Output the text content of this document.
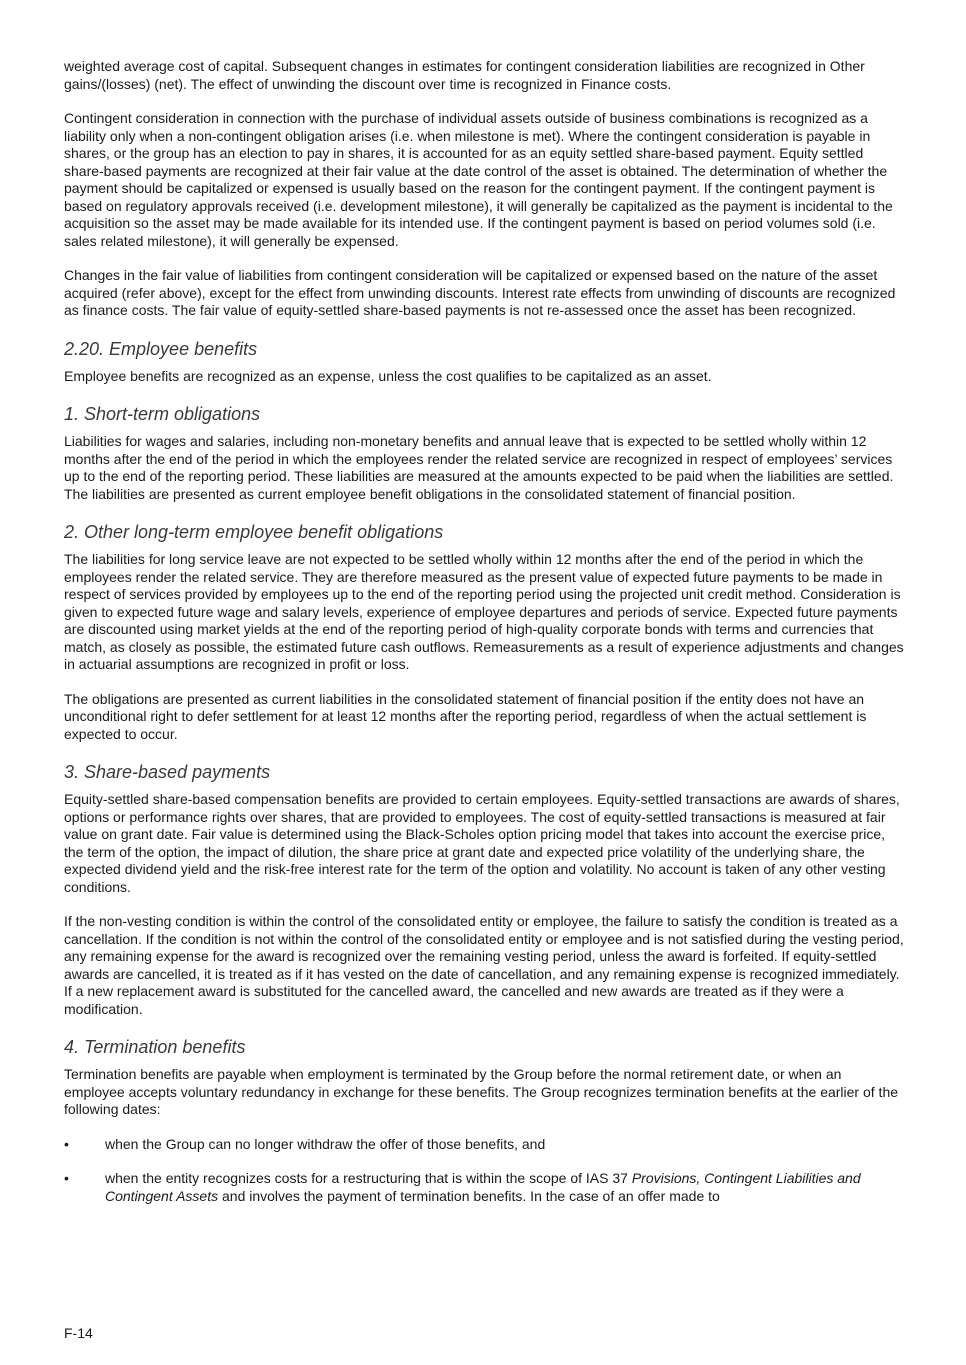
weighted average cost of capital. Subsequent changes in estimates for contingent consideration liabilities are recognized in Other gains/(losses) (net). The effect of unwinding the discount over time is recognized in Finance costs.

Contingent consideration in connection with the purchase of individual assets outside of business combinations is recognized as a liability only when a non-contingent obligation arises (i.e. when milestone is met). Where the contingent consideration is payable in shares, or the group has an election to pay in shares, it is accounted for as an equity settled share-based payment. Equity settled share-based payments are recognized at their fair value at the date control of the asset is obtained. The determination of whether the payment should be capitalized or expensed is usually based on the reason for the contingent payment. If the contingent payment is based on regulatory approvals received (i.e. development milestone), it will generally be capitalized as the payment is incidental to the acquisition so the asset may be made available for its intended use. If the contingent payment is based on period volumes sold (i.e. sales related milestone), it will generally be expensed.

Changes in the fair value of liabilities from contingent consideration will be capitalized or expensed based on the nature of the asset acquired (refer above), except for the effect from unwinding discounts. Interest rate effects from unwinding of discounts are recognized as finance costs. The fair value of equity-settled share-based payments is not re-assessed once the asset has been recognized.

2.20. Employee benefits

Employee benefits are recognized as an expense, unless the cost qualifies to be capitalized as an asset.

1. Short-term obligations

Liabilities for wages and salaries, including non-monetary benefits and annual leave that is expected to be settled wholly within 12 months after the end of the period in which the employees render the related service are recognized in respect of employees’ services up to the end of the reporting period. These liabilities are measured at the amounts expected to be paid when the liabilities are settled. The liabilities are presented as current employee benefit obligations in the consolidated statement of financial position.

2. Other long-term employee benefit obligations

The liabilities for long service leave are not expected to be settled wholly within 12 months after the end of the period in which the employees render the related service. They are therefore measured as the present value of expected future payments to be made in respect of services provided by employees up to the end of the reporting period using the projected unit credit method. Consideration is given to expected future wage and salary levels, experience of employee departures and periods of service. Expected future payments are discounted using market yields at the end of the reporting period of high-quality corporate bonds with terms and currencies that match, as closely as possible, the estimated future cash outflows. Remeasurements as a result of experience adjustments and changes in actuarial assumptions are recognized in profit or loss.

The obligations are presented as current liabilities in the consolidated statement of financial position if the entity does not have an unconditional right to defer settlement for at least 12 months after the reporting period, regardless of when the actual settlement is expected to occur.

3. Share-based payments

Equity-settled share-based compensation benefits are provided to certain employees. Equity-settled transactions are awards of shares, options or performance rights over shares, that are provided to employees. The cost of equity-settled transactions is measured at fair value on grant date. Fair value is determined using the Black-Scholes option pricing model that takes into account the exercise price, the term of the option, the impact of dilution, the share price at grant date and expected price volatility of the underlying share, the expected dividend yield and the risk-free interest rate for the term of the option and volatility. No account is taken of any other vesting conditions.

If the non-vesting condition is within the control of the consolidated entity or employee, the failure to satisfy the condition is treated as a cancellation. If the condition is not within the control of the consolidated entity or employee and is not satisfied during the vesting period, any remaining expense for the award is recognized over the remaining vesting period, unless the award is forfeited. If equity-settled awards are cancelled, it is treated as if it has vested on the date of cancellation, and any remaining expense is recognized immediately. If a new replacement award is substituted for the cancelled award, the cancelled and new awards are treated as if they were a modification.

4. Termination benefits

Termination benefits are payable when employment is terminated by the Group before the normal retirement date, or when an employee accepts voluntary redundancy in exchange for these benefits. The Group recognizes termination benefits at the earlier of the following dates:

•	when the Group can no longer withdraw the offer of those benefits, and
•	when the entity recognizes costs for a restructuring that is within the scope of IAS 37 Provisions, Contingent Liabilities and Contingent Assets and involves the payment of termination benefits. In the case of an offer made to
F-14
